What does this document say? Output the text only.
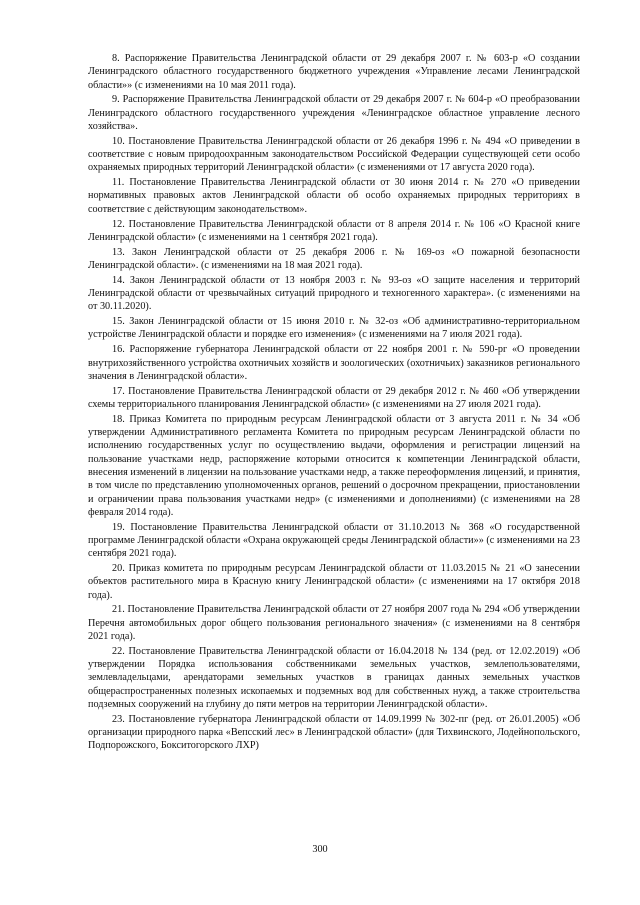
8. Распоряжение Правительства Ленинградской области от 29 декабря 2007 г. № 603-р «О создании Ленинградского областного государственного бюджетного учреждения «Управление лесами Ленинградской области»» (с изменениями на 10 мая 2011 года).

9. Распоряжение Правительства Ленинградской области от 29 декабря 2007 г. № 604-р «О преобразовании Ленинградского областного государственного учреждения «Ленинградское областное управление лесного хозяйства».

10. Постановление Правительства Ленинградской области от 26 декабря 1996 г. № 494 «О приведении в соответствие с новым природоохранным законодательством Российской Федерации существующей сети особо охраняемых природных территорий Ленинградской области» (с изменениями от 17 августа 2020 года).

11. Постановление Правительства Ленинградской области от 30 июня 2014 г. № 270 «О приведении нормативных правовых актов Ленинградской области об особо охраняемых природных территориях в соответствие с действующим законодательством».

12. Постановление Правительства Ленинградской области от 8 апреля 2014 г. № 106 «О Красной книге Ленинградской области» (с изменениями на 1 сентября 2021 года).

13. Закон Ленинградской области от 25 декабря 2006 г. № 169-оз «О пожарной безопасности Ленинградской области». (с изменениями на 18 мая 2021 года).

14. Закон Ленинградской области от 13 ноября 2003 г. № 93-оз «О защите населения и территорий Ленинградской области от чрезвычайных ситуаций природного и техногенного характера». (с изменениями на от 30.11.2020).

15. Закон Ленинградской области от 15 июня 2010 г. № 32-оз «Об административно-территориальном устройстве Ленинградской области и порядке его изменения» (с изменениями на 7 июля 2021 года).

16. Распоряжение губернатора Ленинградской области от 22 ноября 2001 г. № 590-рг «О проведении внутрихозяйственного устройства охотничьих хозяйств и зоологических (охотничьих) заказников регионального значения в Ленинградской области».

17. Постановление Правительства Ленинградской области от 29 декабря 2012 г. № 460 «Об утверждении схемы территориального планирования Ленинградской области» (с изменениями на 27 июля 2021 года).

18. Приказ Комитета по природным ресурсам Ленинградской области от 3 августа 2011 г. № 34 «Об утверждении Административного регламента Комитета по природным ресурсам Ленинградской области по исполнению государственных услуг по осуществлению выдачи, оформления и регистрации лицензий на пользование участками недр, распоряжение которыми относится к компетенции Ленинградской области, внесения изменений в лицензии на пользование участками недр, а также переоформления лицензий, и принятия, в том числе по представлению уполномоченных органов, решений о досрочном прекращении, приостановлении и ограничении права пользования участками недр» (с изменениями и дополнениями) (с изменениями на 28 февраля 2014 года).

19. Постановление Правительства Ленинградской области от 31.10.2013 № 368 «О государственной программе Ленинградской области «Охрана окружающей среды Ленинградской области»» (с изменениями на 23 сентября 2021 года).

20. Приказ комитета по природным ресурсам Ленинградской области от 11.03.2015 № 21 «О занесении объектов растительного мира в Красную книгу Ленинградской области» (с изменениями на 17 октября 2018 года).

21. Постановление Правительства Ленинградской области от 27 ноября 2007 года № 294 «Об утверждении Перечня автомобильных дорог общего пользования регионального значения» (с изменениями на 8 сентября 2021 года).

22. Постановление Правительства Ленинградской области от 16.04.2018 № 134 (ред. от 12.02.2019) «Об утверждении Порядка использования собственниками земельных участков, землепользователями, землевладельцами, арендаторами земельных участков в границах данных земельных участков общераспространенных полезных ископаемых и подземных вод для собственных нужд, а также строительства подземных сооружений на глубину до пяти метров на территории Ленинградской области».

23. Постановление губернатора Ленинградской области от 14.09.1999 № 302-пг (ред. от 26.01.2005) «Об организации природного парка «Вепсский лес» в Ленинградской области» (для Тихвинского, Лодейнопольского, Подпорожского, Бокситогорского ЛХР)

300
